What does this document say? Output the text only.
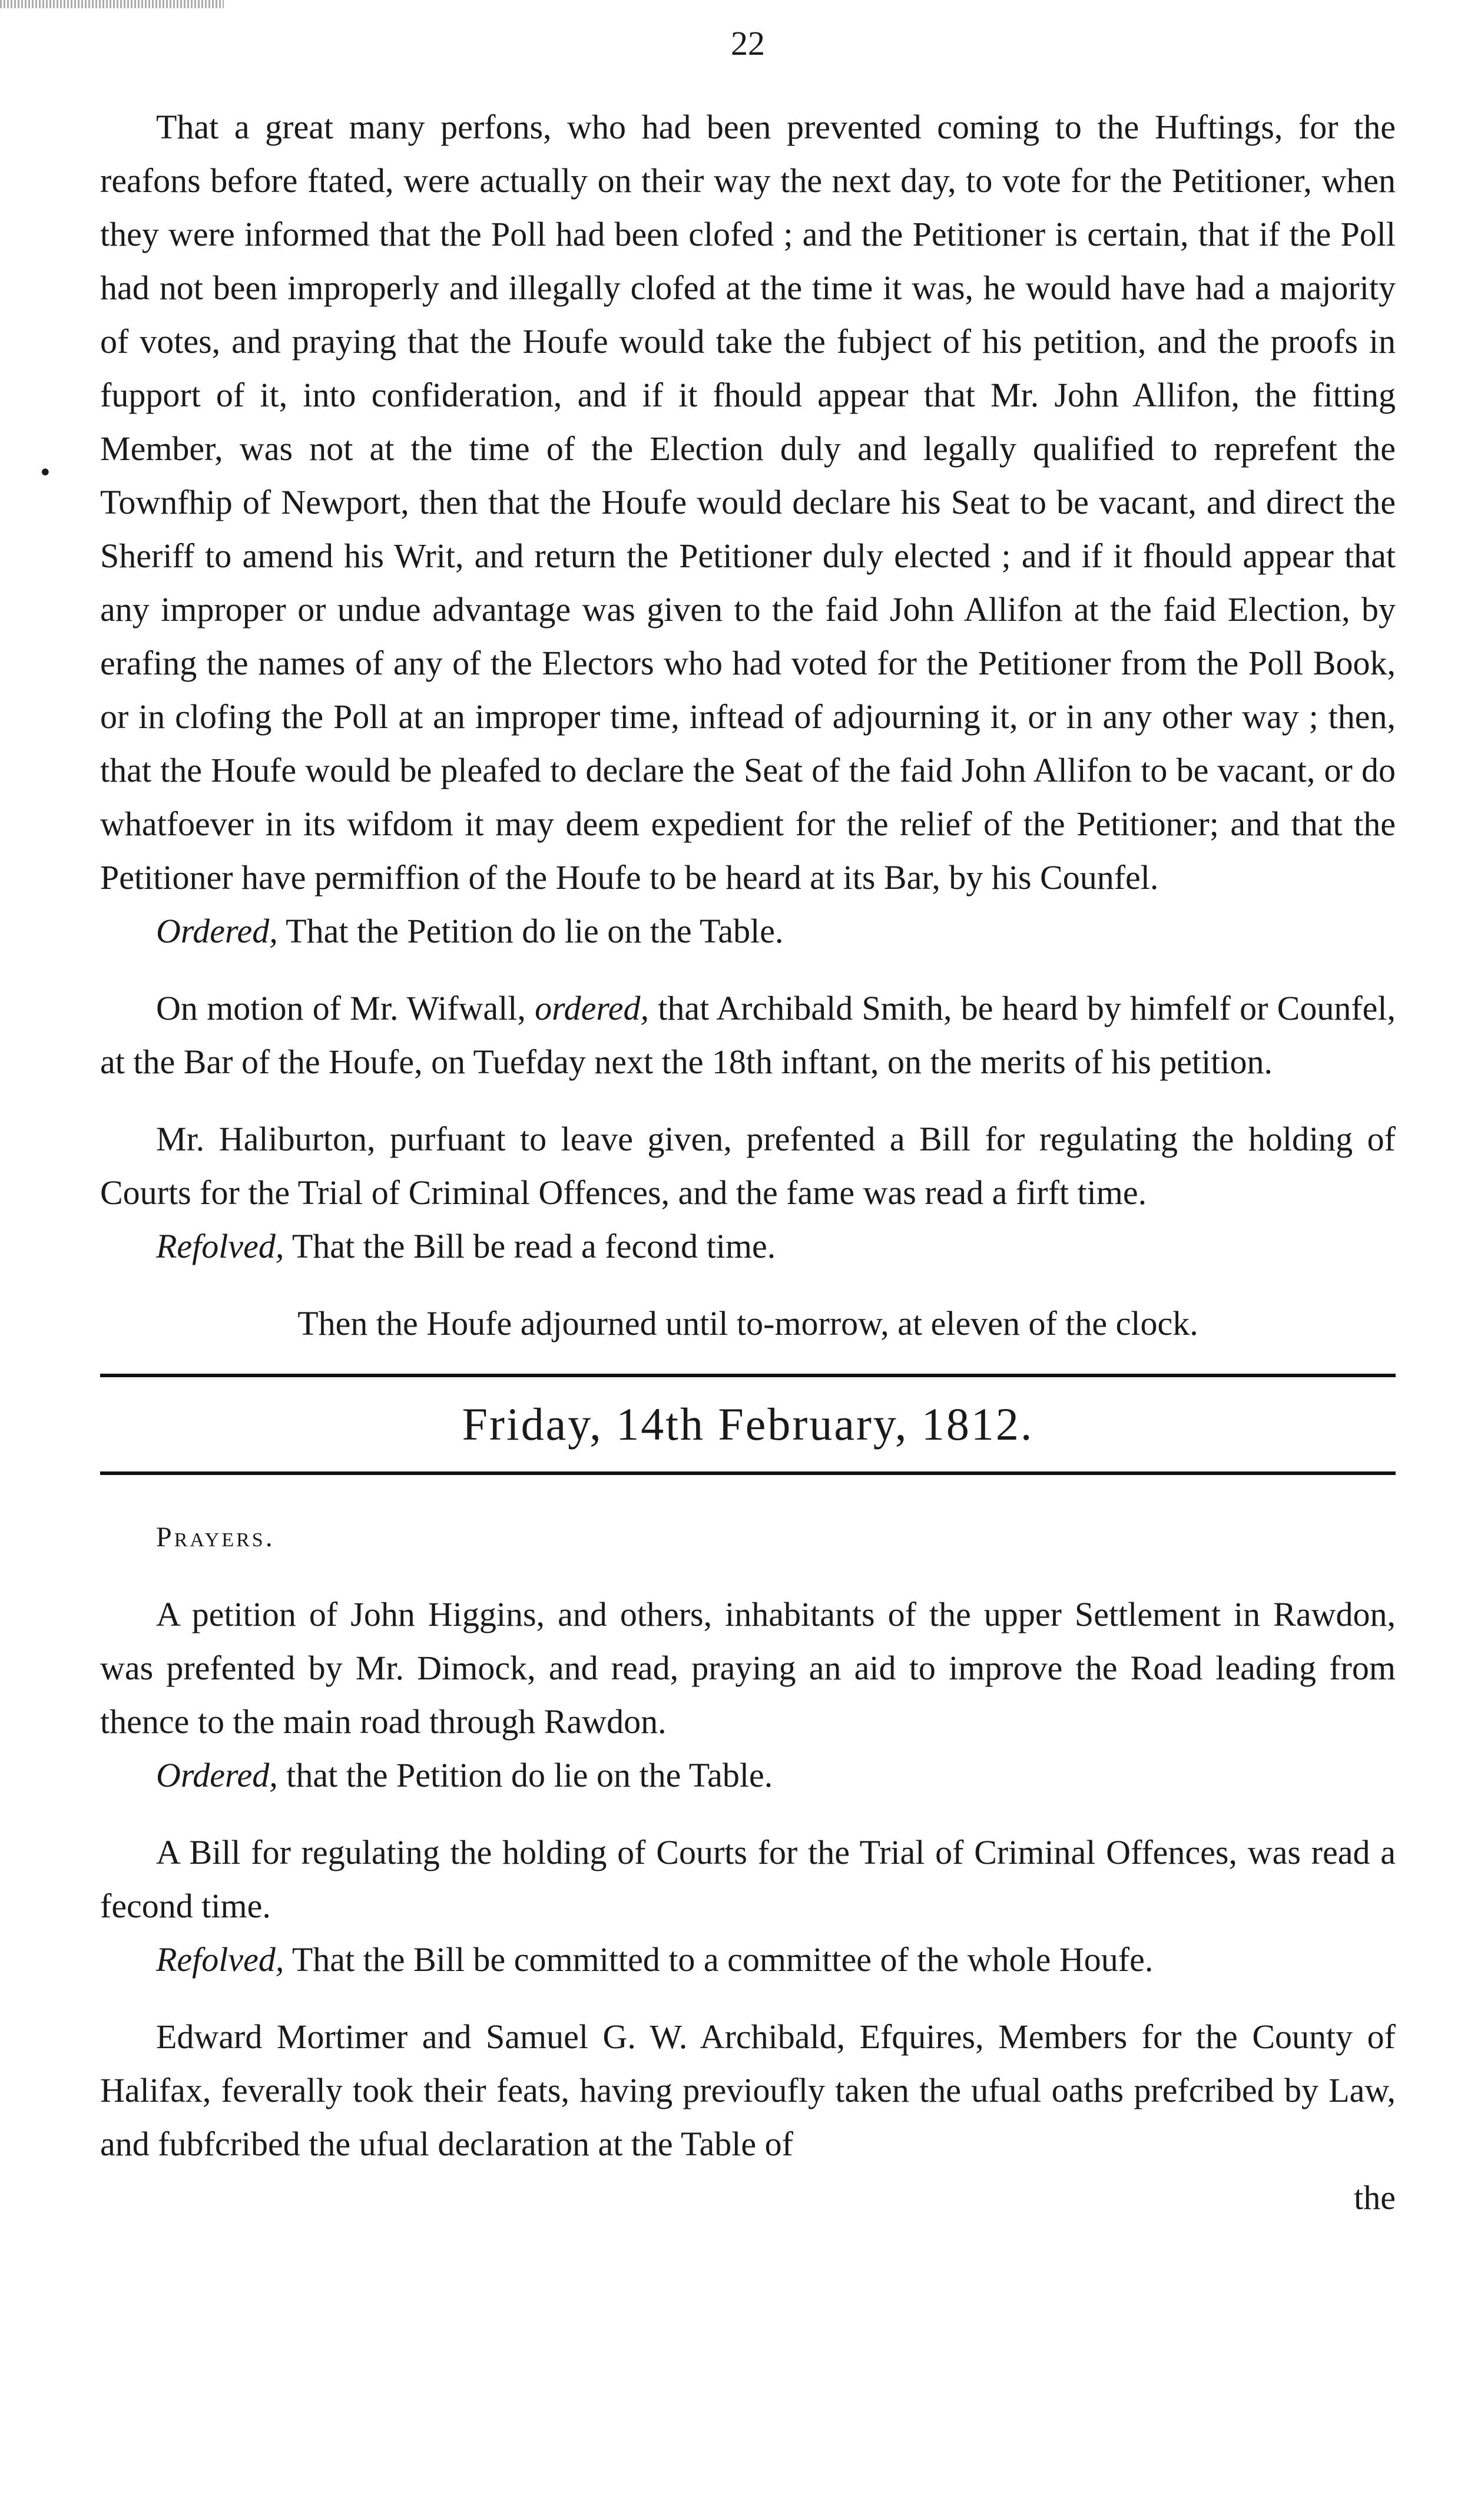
22
•

That a great many perfons, who had been prevented coming to the Huftings, for the reafons before ftated, were actually on their way the next day, to vote for the Petitioner, when they were informed that the Poll had been clofed ; and the Petitioner is certain, that if the Poll had not been improperly and illegally clofed at the time it was, he would have had a majority of votes, and praying that the Houfe would take the fubject of his petition, and the proofs in fupport of it, into confideration, and if it fhould appear that Mr. John Allifon, the fitting Member, was not at the time of the Election duly and legally qualified to reprefent the Townfhip of Newport, then that the Houfe would declare his Seat to be vacant, and direct the Sheriff to amend his Writ, and return the Petitioner duly elected ; and if it fhould appear that any improper or undue advantage was given to the faid John Allifon at the faid Election, by erafing the names of any of the Electors who had voted for the Petitioner from the Poll Book, or in clofing the Poll at an improper time, inftead of adjourning it, or in any other way ; then, that the Houfe would be pleafed to declare the Seat of the faid John Allifon to be vacant, or do whatfoever in its wifdom it may deem expedient for the relief of the Petitioner; and that the Petitioner have permiffion of the Houfe to be heard at its Bar, by his Counfel.

Ordered, That the Petition do lie on the Table.

On motion of Mr. Wifwall, ordered, that Archibald Smith, be heard by himfelf or Counfel, at the Bar of the Houfe, on Tuefday next the 18th inftant, on the merits of his petition.

Mr. Haliburton, purfuant to leave given, prefented a Bill for regulating the holding of Courts for the Trial of Criminal Offences, and the fame was read a firft time.

Refolved, That the Bill be read a fecond time.

Then the Houfe adjourned until to-morrow, at eleven of the clock.

Friday, 14th February, 1812.

Prayers.

A petition of John Higgins, and others, inhabitants of the upper Settlement in Rawdon, was prefented by Mr. Dimock, and read, praying an aid to improve the Road leading from thence to the main road through Rawdon.

Ordered, that the Petition do lie on the Table.

A Bill for regulating the holding of Courts for the Trial of Criminal Offences, was read a fecond time.

Refolved, That the Bill be committed to a committee of the whole Houfe.

Edward Mortimer and Samuel G. W. Archibald, Efquires, Members for the County of Halifax, feverally took their feats, having previoufly taken the ufual oaths prefcribed by Law, and fubfcribed the ufual declaration at the Table of

the
